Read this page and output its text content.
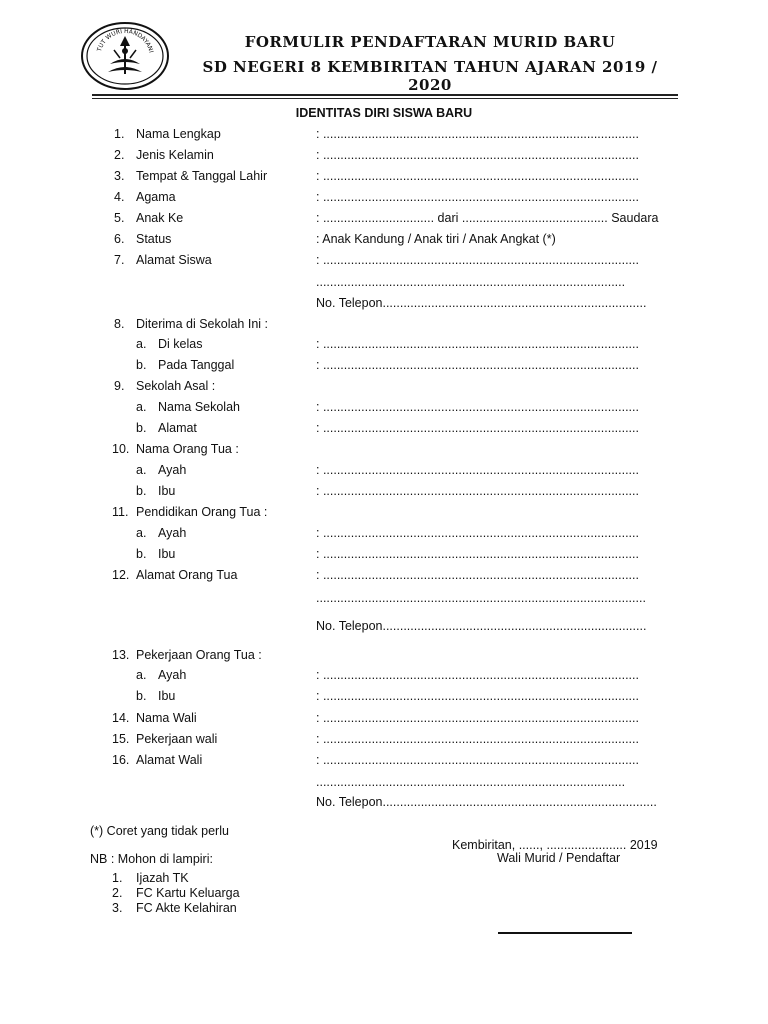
TUT WURI HANDAYANI
FORMULIR PENDAFTARAN MURID BARU
SD NEGERI 8 KEMBIRITAN TAHUN AJARAN 2019 / 2020
IDENTITAS DIRI SISWA BARU
1. Nama Lengkap	: ...........................................................................................
2. Jenis Kelamin	: ...........................................................................................
3. Tempat & Tanggal Lahir	: ...........................................................................................
4. Agama	: ...........................................................................................
5. Anak Ke	: ................................ dari .......................................... Saudara
6. Status	: Anak Kandung / Anak tiri / Anak Angkat (*)
7. Alamat Siswa	: ...........................................................................................
.........................................................................................
No. Telepon............................................................................
8. Diterima di Sekolah Ini :
a. Di kelas	: ...........................................................................................
b. Pada Tanggal	: ...........................................................................................
9. Sekolah Asal :
a. Nama Sekolah	: ...........................................................................................
b. Alamat	: ...........................................................................................
10. Nama Orang Tua :
a. Ayah	: ...........................................................................................
b. Ibu	: ...........................................................................................
11. Pendidikan Orang Tua :
a. Ayah	: ...........................................................................................
b. Ibu	: ...........................................................................................
12. Alamat Orang Tua	: ...........................................................................................
...............................................................................................
No. Telepon............................................................................
13. Pekerjaan Orang Tua :
a. Ayah	: ...........................................................................................
b. Ibu	: ...........................................................................................
14. Nama Wali	: ...........................................................................................
15. Pekerjaan wali	: ...........................................................................................
16. Alamat Wali	: ...........................................................................................
.........................................................................................
No. Telepon...............................................................................
(*) Coret yang tidak perlu
Kembiritan, ......, ....................... 2019
Wali Murid / Pendaftar
NB : Mohon di lampiri:
1. Ijazah TK
2. FC Kartu Keluarga
3. FC Akte Kelahiran
